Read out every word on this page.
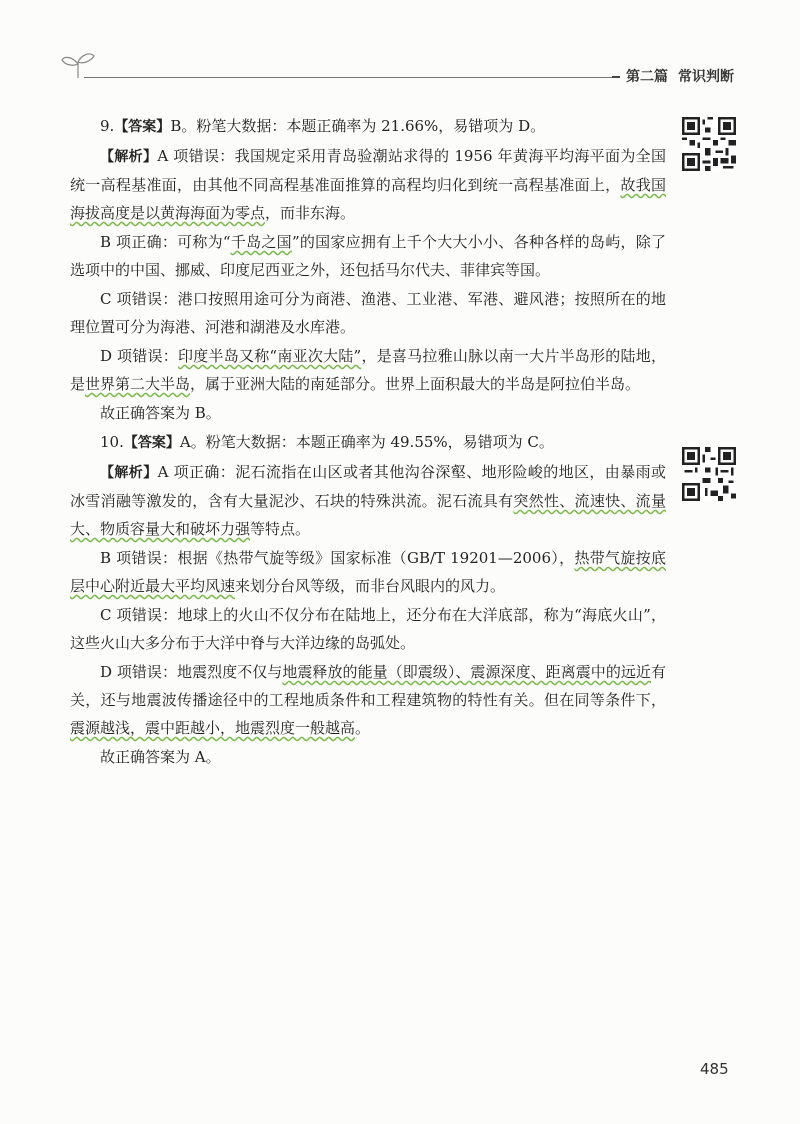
第二篇 常识判断

9.【答案】B。粉笔大数据：本题正确率为 21.66%，易错项为 D。

【解析】A 项错误：我国规定采用青岛验潮站求得的 1956 年黄海平均海平面为全国统一高程基准面，由其他不同高程基准面推算的高程均归化到统一高程基准面上，故我国海拔高度是以黄海海面为零点，而非东海。

B 项正确：可称为“千岛之国”的国家应拥有上千个大大小小、各种各样的岛屿，除了选项中的中国、挪威、印度尼西亚之外，还包括马尔代夫、菲律宾等国。

C 项错误：港口按照用途可分为商港、渔港、工业港、军港、避风港；按照所在的地理位置可分为海港、河港和湖港及水库港。

D 项错误：印度半岛又称“南亚次大陆”，是喜马拉雅山脉以南一大片半岛形的陆地，是世界第二大半岛，属于亚洲大陆的南延部分。世界上面积最大的半岛是阿拉伯半岛。

故正确答案为 B。

10.【答案】A。粉笔大数据：本题正确率为 49.55%，易错项为 C。

【解析】A 项正确：泥石流指在山区或者其他沟谷深壑、地形险峻的地区，由暴雨或冰雪消融等激发的，含有大量泥沙、石块的特殊洪流。泥石流具有突然性、流速快、流量大、物质容量大和破坏力强等特点。

B 项错误：根据《热带气旋等级》国家标准（GB/T 19201—2006），热带气旋按底层中心附近最大平均风速来划分台风等级，而非台风眼内的风力。

C 项错误：地球上的火山不仅分布在陆地上，还分布在大洋底部，称为“海底火山”，这些火山大多分布于大洋中脊与大洋边缘的岛弧处。

D 项错误：地震烈度不仅与地震释放的能量（即震级）、震源深度、距离震中的远近有关，还与地震波传播途径中的工程地质条件和工程建筑物的特性有关。但在同等条件下，震源越浅，震中距越小，地震烈度一般越高。

故正确答案为 A。

485
